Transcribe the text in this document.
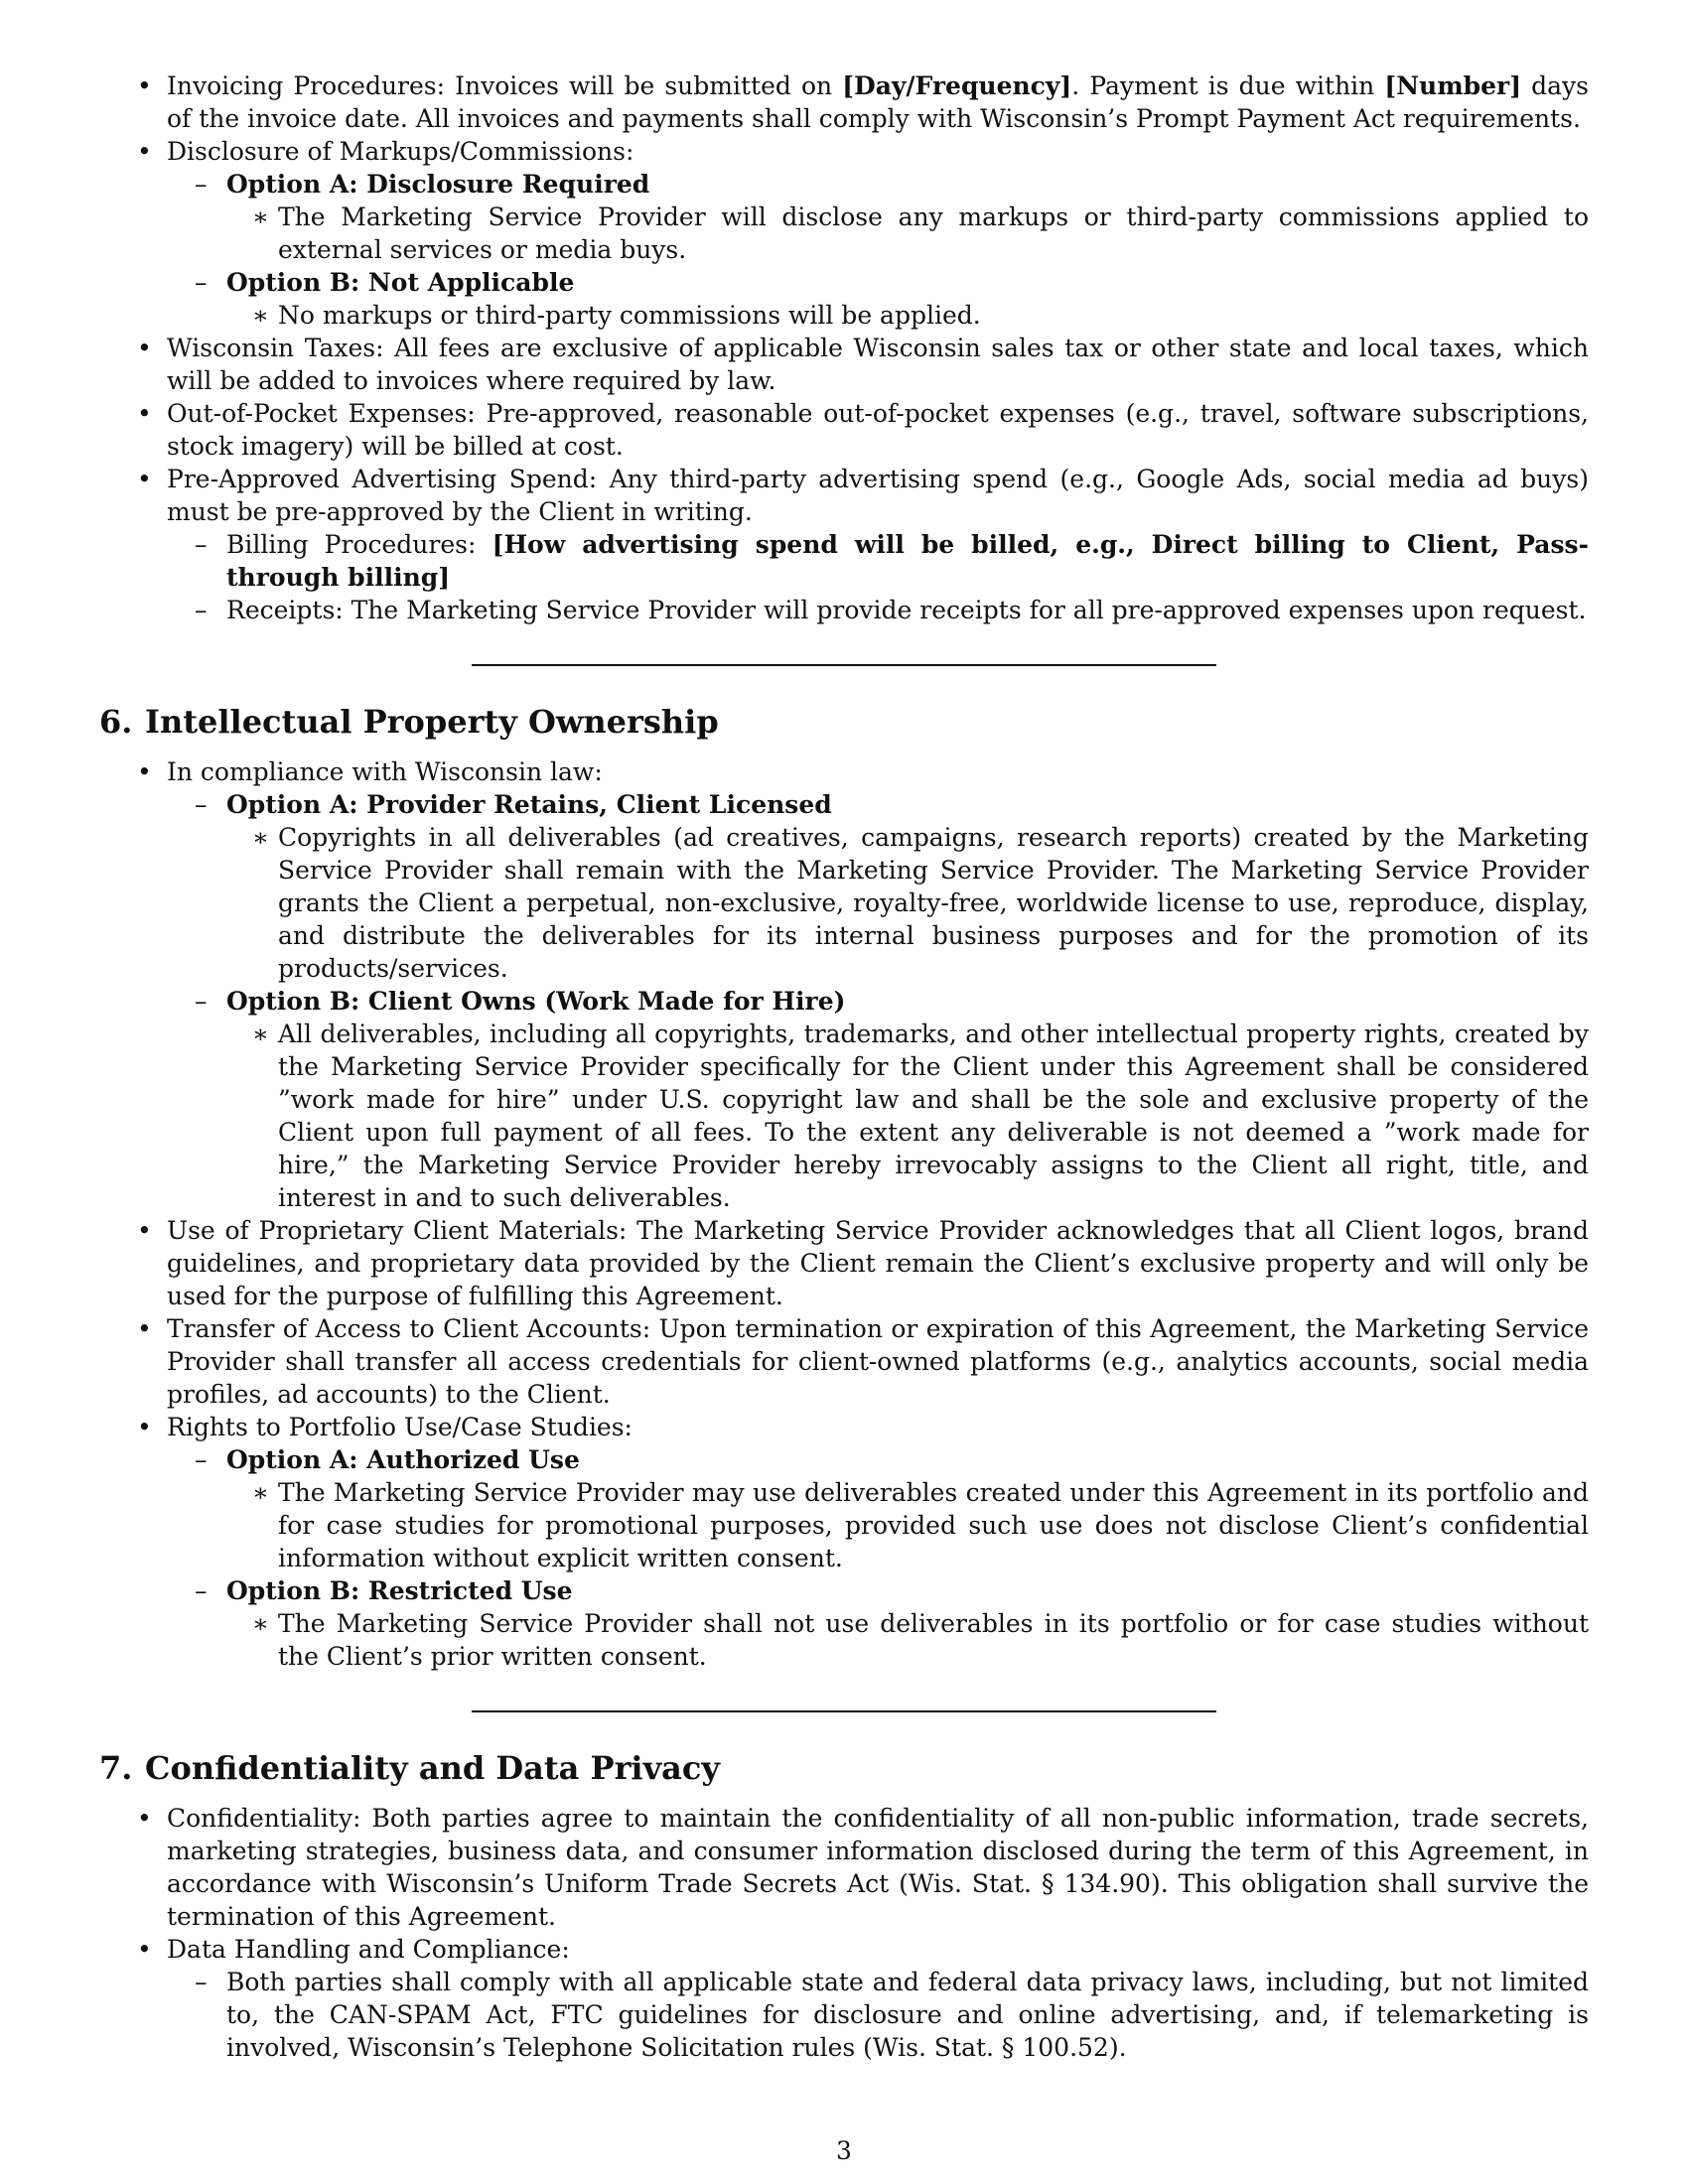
• Invoicing Procedures: Invoices will be submitted on [Day/Frequency]. Payment is due within [Number] days of the invoice date. All invoices and payments shall comply with Wisconsin’s Prompt Payment Act requirements.
• Disclosure of Markups/Commissions:
– Option A: Disclosure Required
∗ The Marketing Service Provider will disclose any markups or third-party commissions applied to external services or media buys.
– Option B: Not Applicable
∗ No markups or third-party commissions will be applied.
• Wisconsin Taxes: All fees are exclusive of applicable Wisconsin sales tax or other state and local taxes, which will be added to invoices where required by law.
• Out-of-Pocket Expenses: Pre-approved, reasonable out-of-pocket expenses (e.g., travel, software subscriptions, stock imagery) will be billed at cost.
• Pre-Approved Advertising Spend: Any third-party advertising spend (e.g., Google Ads, social media ad buys) must be pre-approved by the Client in writing.
– Billing Procedures: [How advertising spend will be billed, e.g., Direct billing to Client, Pass-through billing]
– Receipts: The Marketing Service Provider will provide receipts for all pre-approved expenses upon request.
6. Intellectual Property Ownership
• In compliance with Wisconsin law:
– Option A: Provider Retains, Client Licensed
∗ Copyrights in all deliverables (ad creatives, campaigns, research reports) created by the Marketing Service Provider shall remain with the Marketing Service Provider. The Marketing Service Provider grants the Client a perpetual, non-exclusive, royalty-free, worldwide license to use, reproduce, display, and distribute the deliverables for its internal business purposes and for the promotion of its products/services.
– Option B: Client Owns (Work Made for Hire)
∗ All deliverables, including all copyrights, trademarks, and other intellectual property rights, created by the Marketing Service Provider specifically for the Client under this Agreement shall be considered ”work made for hire” under U.S. copyright law and shall be the sole and exclusive property of the Client upon full payment of all fees. To the extent any deliverable is not deemed a ”work made for hire,” the Marketing Service Provider hereby irrevocably assigns to the Client all right, title, and interest in and to such deliverables.
• Use of Proprietary Client Materials: The Marketing Service Provider acknowledges that all Client logos, brand guidelines, and proprietary data provided by the Client remain the Client’s exclusive property and will only be used for the purpose of fulfilling this Agreement.
• Transfer of Access to Client Accounts: Upon termination or expiration of this Agreement, the Marketing Service Provider shall transfer all access credentials for client-owned platforms (e.g., analytics accounts, social media profiles, ad accounts) to the Client.
• Rights to Portfolio Use/Case Studies:
– Option A: Authorized Use
∗ The Marketing Service Provider may use deliverables created under this Agreement in its portfolio and for case studies for promotional purposes, provided such use does not disclose Client’s confidential information without explicit written consent.
– Option B: Restricted Use
∗ The Marketing Service Provider shall not use deliverables in its portfolio or for case studies without the Client’s prior written consent.
7. Confidentiality and Data Privacy
• Confidentiality: Both parties agree to maintain the confidentiality of all non-public information, trade secrets, marketing strategies, business data, and consumer information disclosed during the term of this Agreement, in accordance with Wisconsin’s Uniform Trade Secrets Act (Wis. Stat. § 134.90). This obligation shall survive the termination of this Agreement.
• Data Handling and Compliance:
– Both parties shall comply with all applicable state and federal data privacy laws, including, but not limited to, the CAN-SPAM Act, FTC guidelines for disclosure and online advertising, and, if telemarketing is involved, Wisconsin’s Telephone Solicitation rules (Wis. Stat. § 100.52).
3
